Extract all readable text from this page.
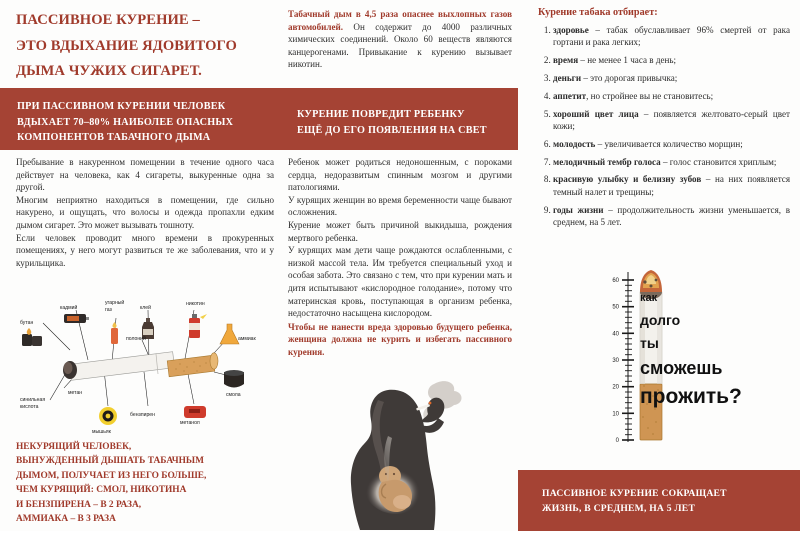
ПАССИВНОЕ КУРЕНИЕ –
ЭТО ВДЫХАНИЕ ЯДОВИТОГО
ДЫМА ЧУЖИХ СИГАРЕТ.

Табачный дым в 4,5 раза опаснее выхлопных газов автомобилей. Он содержит до 4000 различных химических соединений. Около 60 веществ являются канцерогенами. Привыкание к курению вызывает никотин.

ПРИ ПАССИВНОМ КУРЕНИИ ЧЕЛОВЕК
ВДЫХАЕТ 70–80% НАИБОЛЕЕ ОПАСНЫХ
КОМПОНЕНТОВ ТАБАЧНОГО ДЫМА
КУРЕНИЕ ПОВРЕДИТ РЕБЕНКУ
ЕЩЁ ДО ЕГО ПОЯВЛЕНИЯ НА СВЕТ
ПАССИВНОЕ КУРЕНИЕ СОКРАЩАЕТ
ЖИЗНЬ, В СРЕДНЕМ, НА 5 ЛЕТ

Пребывание в накуренном помещении в течение одного часа действует на человека, как 4 сигареты, выкуренные одна за другой.

Многим неприятно находиться в помещении, где сильно накурено, и ощущать, что волосы и одежда пропахли едким дымом сигарет. Это может вызывать тошноту.

Если человек проводит много времени в прокуренных помещениях, у него могут развиться те же заболевания, что и у курильщика.

кадмий
угарный
газ	клей
никотин
бутан
аммиак
полоний
метан	смола
синильная
кислота
мышьяк
бензпирен
метанол
НЕКУРЯЩИЙ ЧЕЛОВЕК,
ВЫНУЖДЕННЫЙ ДЫШАТЬ ТАБАЧНЫМ
ДЫМОМ, ПОЛУЧАЕТ ИЗ НЕГО БОЛЬШЕ,
ЧЕМ КУРЯЩИЙ: СМОЛ, НИКОТИНА
И БЕНЗПИРЕНА – В 2 РАЗА,
АММИАКА – В 3 РАЗА

Ребенок может родиться недоношенным, с пороками сердца, недоразвитым спинным мозгом и другими патологиями.

У курящих женщин во время беременности чаще бывают осложнения.

Курение может быть причиной выкидыша, рождения мертвого ребенка.

У курящих мам дети чаще рождаются ослабленными, с низкой массой тела. Им требуется специальный уход и особая забота. Это связано с тем, что при курении мать и дитя испытывают «кислородное голодание», потому что материнская кровь, поступающая в организм ребенка, недостаточно насыщена кислородом.

Чтобы не нанести вреда здоровью будущего ребенка, женщина должна не курить и избегать пассивного курения.

Курение табака отбирает:
1. здоровье – табак обуславливает 96% смертей от рака гортани и рака легких;
2. время – не менее 1 часа в день;
3. деньги – это дорогая привычка;
4. аппетит, но стройнее вы не становитесь;
5. хороший цвет лица – появляется желтовато-серый цвет кожи;
6. молодость – увеличивается количество морщин;
7. мелодичный тембр голоса – голос становится хриплым;
8. красивую улыбку и белизну зубов – на них появляется темный налет и трещины;
9. годы жизни – продолжительность жизни уменьшается, в среднем, на 5 лет.
60
50
40
30
20
10
0
как
долго
ты
сможешь
прожить?
